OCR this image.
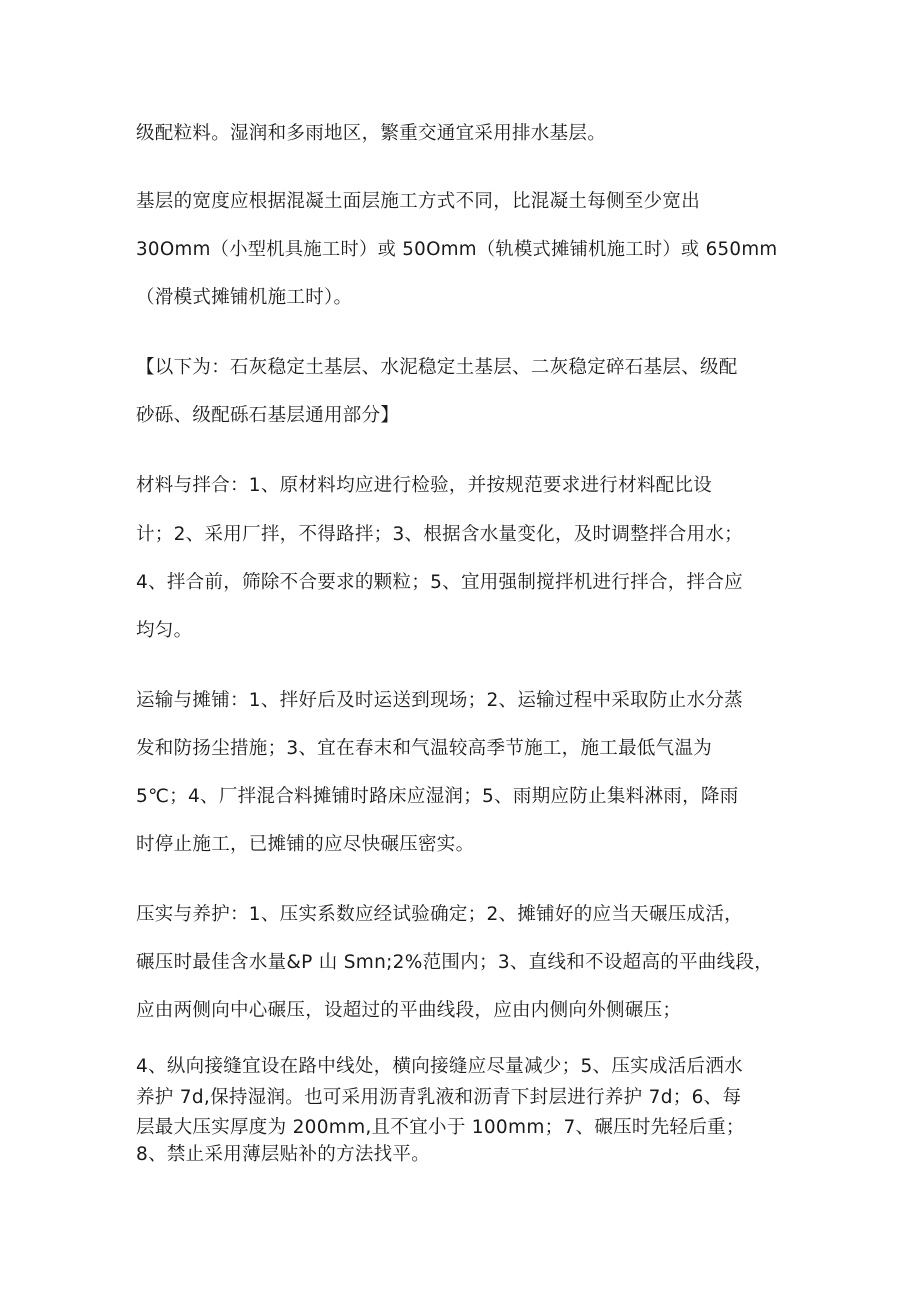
级配粒料。湿润和多雨地区，繁重交通宜采用排水基层。
基层的宽度应根据混凝土面层施工方式不同，比混凝土每侧至少宽出
30Omm（小型机具施工时）或 50Omm（轨模式摊铺机施工时）或 650mm
（滑模式摊铺机施工时）。
【以下为：石灰稳定土基层、水泥稳定土基层、二灰稳定碎石基层、级配
砂砾、级配砾石基层通用部分】
材料与拌合：1、原材料均应进行检验，并按规范要求进行材料配比设
计；2、采用厂拌，不得路拌；3、根据含水量变化，及时调整拌合用水；
4、拌合前，筛除不合要求的颗粒；5、宜用强制搅拌机进行拌合，拌合应
均匀。
运输与摊铺：1、拌好后及时运送到现场；2、运输过程中采取防止水分蒸
发和防扬尘措施；3、宜在春末和气温较高季节施工，施工最低气温为
5℃；4、厂拌混合料摊铺时路床应湿润；5、雨期应防止集料淋雨，降雨
时停止施工，已摊铺的应尽快碾压密实。
压实与养护：1、压实系数应经试验确定；2、摊铺好的应当天碾压成活，
碾压时最佳含水量&P 山 Smn;2%范围内；3、直线和不设超高的平曲线段，
应由两侧向中心碾压，设超过的平曲线段，应由内侧向外侧碾压；
4、纵向接缝宜设在路中线处，横向接缝应尽量减少；5、压实成活后洒水
养护 7d,保持湿润。也可采用沥青乳液和沥青下封层进行养护 7d；6、每
层最大压实厚度为 200mm,且不宜小于 100mm；7、碾压时先轻后重；
8、禁止采用薄层贴补的方法找平。
